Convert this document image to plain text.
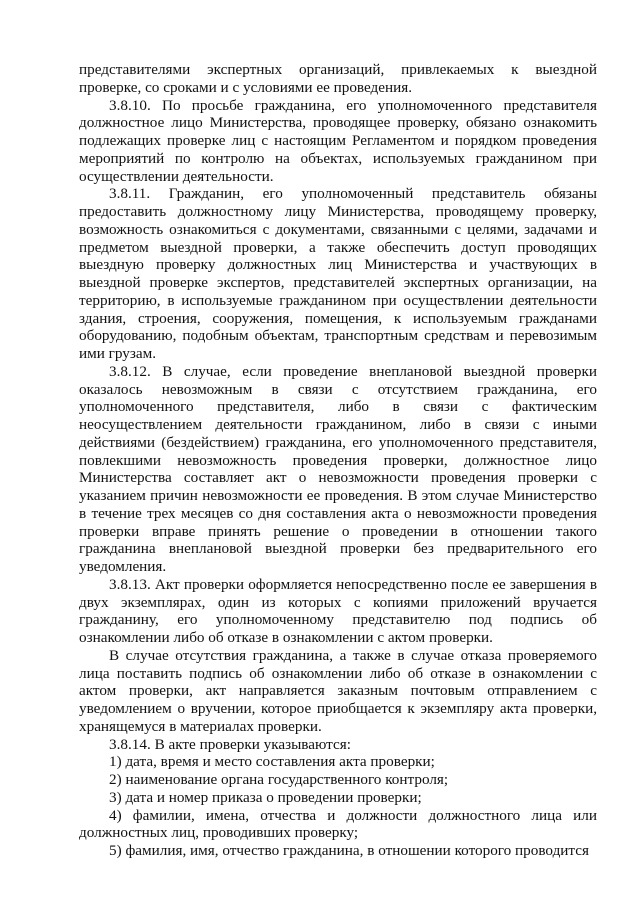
представителями экспертных организаций, привлекаемых к выездной проверке, со сроками и с условиями ее проведения.

3.8.10. По просьбе гражданина, его уполномоченного представителя должностное лицо Министерства, проводящее проверку, обязано ознакомить подлежащих проверке лиц с настоящим Регламентом и порядком проведения мероприятий по контролю на объектах, используемых гражданином при осуществлении деятельности.

3.8.11. Гражданин, его уполномоченный представитель обязаны предоставить должностному лицу Министерства, проводящему проверку, возможность ознакомиться с документами, связанными с целями, задачами и предметом выездной проверки, а также обеспечить доступ проводящих выездную проверку должностных лиц Министерства и участвующих в выездной проверке экспертов, представителей экспертных организации, на территорию, в используемые гражданином при осуществлении деятельности здания, строения, сооружения, помещения, к используемым гражданами оборудованию, подобным объектам, транспортным средствам и перевозимым ими грузам.

3.8.12. В случае, если проведение внеплановой выездной проверки оказалось невозможным в связи с отсутствием гражданина, его уполномоченного представителя, либо в связи с фактическим неосуществлением деятельности гражданином, либо в связи с иными действиями (бездействием) гражданина, его уполномоченного представителя, повлекшими невозможность проведения проверки, должностное лицо Министерства составляет акт о невозможности проведения проверки с указанием причин невозможности ее проведения. В этом случае Министерство в течение трех месяцев со дня составления акта о невозможности проведения проверки вправе принять решение о проведении в отношении такого гражданина внеплановой выездной проверки без предварительного его уведомления.

3.8.13. Акт проверки оформляется непосредственно после ее завершения в двух экземплярах, один из которых с копиями приложений вручается гражданину, его уполномоченному представителю под подпись об ознакомлении либо об отказе в ознакомлении с актом проверки.

В случае отсутствия гражданина, а также в случае отказа проверяемого лица поставить подпись об ознакомлении либо об отказе в ознакомлении с актом проверки, акт направляется заказным почтовым отправлением с уведомлением о вручении, которое приобщается к экземпляру акта проверки, хранящемуся в материалах проверки.

3.8.14. В акте проверки указываются:

1) дата, время и место составления акта проверки;

2) наименование органа государственного контроля;

3) дата и номер приказа о проведении проверки;

4) фамилии, имена, отчества и должности должностного лица или должностных лиц, проводивших проверку;

5) фамилия, имя, отчество гражданина, в отношении которого проводится
